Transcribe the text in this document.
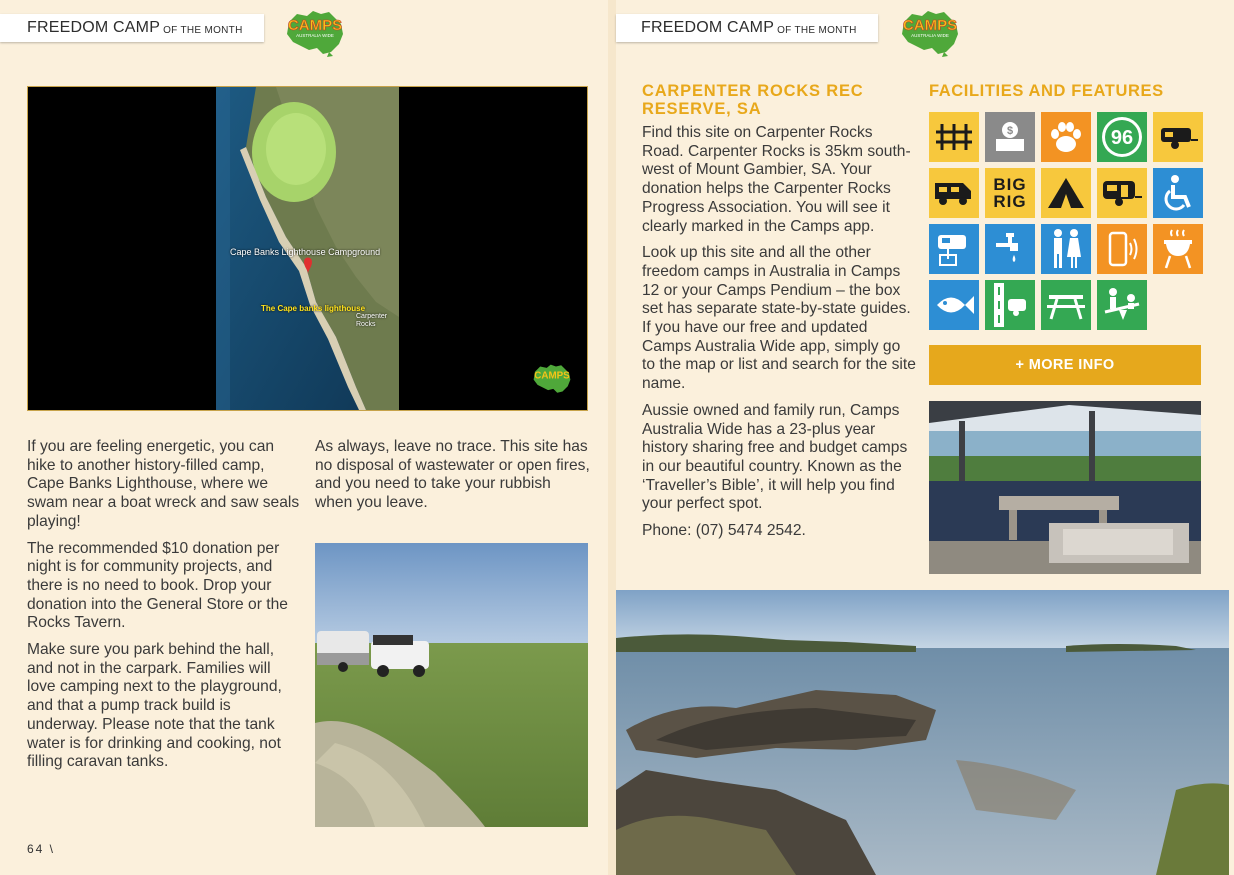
FREEDOM CAMP OF THE MONTH	CAMPS
AUSTRALIA WIDE
Cape Banks Lighthouse Campground
The Cape banks lighthouse
Carpenter Rocks
CAMPS

If you are feeling energetic, you can hike to another history-filled camp, Cape Banks Lighthouse, where we swam near a boat wreck and saw seals playing!

The recommended $10 donation per night is for community projects, and there is no need to book. Drop your donation into the General Store or the Rocks Tavern.

Make sure you park behind the hall, and not in the carpark. Families will love camping next to the playground, and that a pump track build is underway. Please note that the tank water is for drinking and cooking, not filling caravan tanks.

As always, leave no trace. This site has no disposal of wastewater or open fires, and you need to take your rubbish when you leave.

64 \
FREEDOM CAMP OF THE MONTH	CAMPS
AUSTRALIA WIDE
CARPENTER ROCKS REC RESERVE, SA

Find this site on Carpenter Rocks Road. Carpenter Rocks is 35km south-west of Mount Gambier, SA. Your donation helps the Carpenter Rocks Progress Association. You will see it clearly marked in the Camps app.

Look up this site and all the other freedom camps in Australia in Camps 12 or your Camps Pendium – the box set has separate state-by-state guides. If you have our free and updated Camps Australia Wide app, simply go to the map or list and search for the site name.

Aussie owned and family run, Camps Australia Wide has a 23-plus year history sharing free and budget camps in our beautiful country. Known as the ‘Traveller’s Bible’, it will help you find your perfect spot.

Phone: (07) 5474 2542.

FACILITIES AND FEATURES
$	96
BIG RIG
+ MORE INFO
